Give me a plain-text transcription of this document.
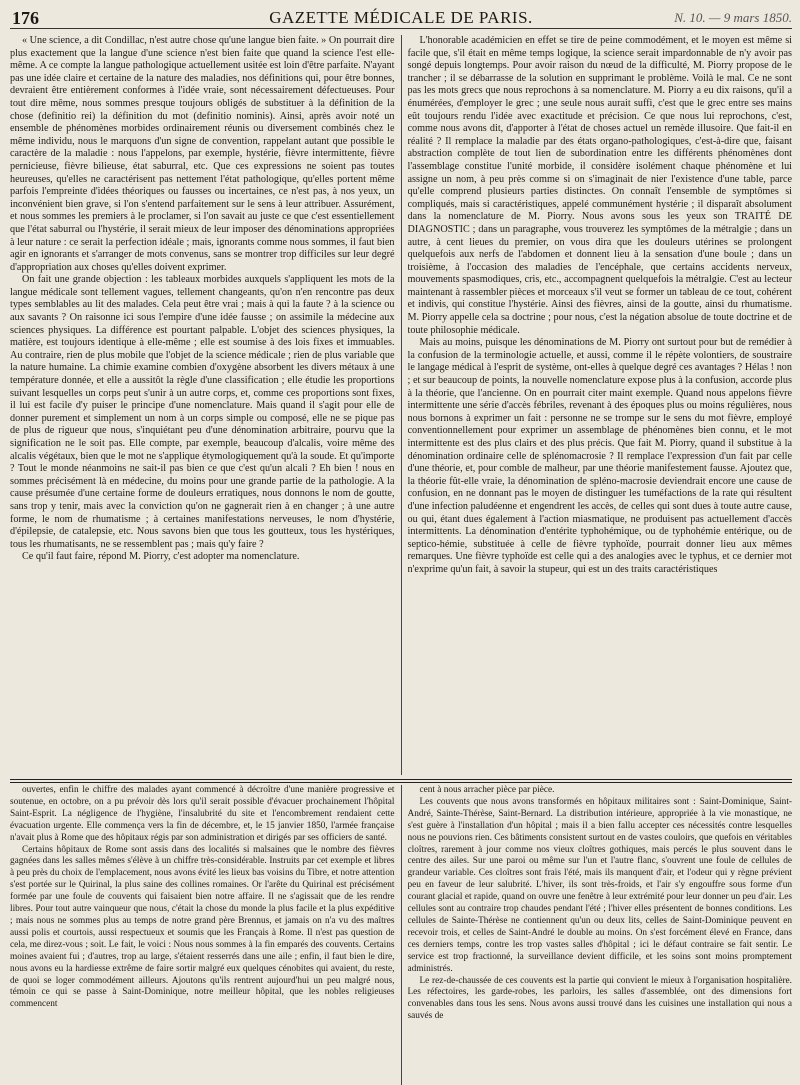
176	GAZETTE MÉDICALE DE PARIS.	N. 10. — 9 mars 1850.

« Une science, a dit Condillac, n'est autre chose qu'une langue bien faite. » On pourrait dire plus exactement que la langue d'une science n'est bien faite que quand la science l'est elle-même. A ce compte la langue pathologique actuellement usitée est loin d'être parfaite. N'ayant pas une idée claire et certaine de la nature des maladies, nos définitions qui, pour être bonnes, devraient être entièrement conformes à l'idée vraie, sont nécessairement défectueuses. Pour tout dire même, nous sommes presque toujours obligés de substituer à la définition de la chose (definitio rei) la définition du mot (definitio nominis). Ainsi, après avoir noté un ensemble de phénomènes morbides ordinairement réunis ou diversement combinés chez le même individu, nous le marquons d'un signe de convention, rappelant autant que possible le caractère de la maladie : nous l'appelons, par exemple, hystérie, fièvre intermittente, fièvre pernicieuse, fièvre bilieuse, état saburral, etc. Que ces expressions ne soient pas toutes heureuses, qu'elles ne caractérisent pas nettement l'état pathologique, qu'elles portent même parfois l'empreinte d'idées théoriques ou fausses ou incertaines, ce n'est pas, à nos yeux, un inconvénient bien grave, si l'on s'entend parfaitement sur le sens à leur attribuer. Assurément, et nous sommes les premiers à le proclamer, si l'on savait au juste ce que c'est essentiellement que l'état saburral ou l'hystérie, il serait mieux de leur imposer des dénominations appropriées à leur nature : ce serait la perfection idéale ; mais, ignorants comme nous sommes, il faut bien agir en ignorants et s'arranger de mots convenus, sans se montrer trop difficiles sur leur degré d'appropriation aux choses qu'elles doivent exprimer.

On fait une grande objection : les tableaux morbides auxquels s'appliquent les mots de la langue médicale sont tellement vagues, tellement changeants, qu'on n'en rencontre pas deux types semblables au lit des malades. Cela peut être vrai ; mais à qui la faute ? à la science ou aux savants ? On raisonne ici sous l'empire d'une idée fausse ; on assimile la médecine aux sciences physiques. La différence est pourtant palpable. L'objet des sciences physiques, la matière, est toujours identique à elle-même ; elle est soumise à des lois fixes et immuables. Au contraire, rien de plus mobile que l'objet de la science médicale ; rien de plus variable que la nature humaine. La chimie examine combien d'oxygène absorbent les divers métaux à une température donnée, et elle a aussitôt la règle d'une classification ; elle étudie les proportions suivant lesquelles un corps peut s'unir à un autre corps, et, comme ces proportions sont fixes, il lui est facile d'y puiser le principe d'une nomenclature. Mais quand il s'agit pour elle de donner purement et simplement un nom à un corps simple ou composé, elle ne se pique pas de plus de rigueur que nous, s'inquiétant peu d'une dénomination arbitraire, pourvu que la signification ne le soit pas. Elle compte, par exemple, beaucoup d'alcalis, voire même des alcalis végétaux, bien que le mot ne s'applique étymologiquement qu'à la soude. Et qu'importe ? Tout le monde néanmoins ne sait-il pas bien ce que c'est qu'un alcali ? Eh bien ! nous en sommes précisément là en médecine, du moins pour une grande partie de la pathologie. A la cause présumée d'une certaine forme de douleurs erratiques, nous donnons le nom de goutte, sans trop y tenir, mais avec la conviction qu'on ne gagnerait rien à en changer ; à une autre forme, le nom de rhumatisme ; à certaines manifestations nerveuses, le nom d'hystérie, d'épilepsie, de catalepsie, etc. Nous savons bien que tous les goutteux, tous les hystériques, tous les rhumatisants, ne se ressemblent pas ; mais qu'y faire ?

Ce qu'il faut faire, répond M. Piorry, c'est adopter ma nomenclature.

L'honorable académicien en effet se tire de peine commodément, et le moyen est même si facile que, s'il était en même temps logique, la science serait impardonnable de n'y avoir pas songé depuis longtemps. Pour avoir raison du nœud de la difficulté, M. Piorry propose de le trancher ; il se débarrasse de la solution en supprimant le problème. Voilà le mal. Ce ne sont pas les mots grecs que nous reprochons à sa nomenclature. M. Piorry a eu dix raisons, qu'il a énumérées, d'employer le grec ; une seule nous aurait suffi, c'est que le grec entre ses mains eût toujours rendu l'idée avec exactitude et précision. Ce que nous lui reprochons, c'est, comme nous avons dit, d'apporter à l'état de choses actuel un remède illusoire. Que fait-il en réalité ? Il remplace la maladie par des états organo-pathologiques, c'est-à-dire que, faisant abstraction complète de tout lien de subordination entre les différents phénomènes dont l'assemblage constitue l'unité morbide, il considère isolément chaque phénomène et lui assigne un nom, à peu près comme si on s'imaginait de nier l'existence d'une table, parce qu'elle comprend plusieurs parties distinctes. On connaît l'ensemble de symptômes si compliqués, mais si caractéristiques, appelé communément hystérie ; il disparaît absolument dans la nomenclature de M. Piorry. Nous avons sous les yeux son TRAITÉ DE DIAGNOSTIC ; dans un paragraphe, vous trouverez les symptômes de la métralgie ; dans un autre, à cent lieues du premier, on vous dira que les douleurs utérines se prolongent quelquefois aux nerfs de l'abdomen et donnent lieu à la sensation d'une boule ; dans un troisième, à l'occasion des maladies de l'encéphale, que certains accidents nerveux, mouvements spasmodiques, cris, etc., accompagnent quelquefois la métralgie. C'est au lecteur maintenant à rassembler pièces et morceaux s'il veut se former un tableau de ce tout, cohérent et indivis, qui constitue l'hystérie. Ainsi des fièvres, ainsi de la goutte, ainsi du rhumatisme. M. Piorry appelle cela sa doctrine ; pour nous, c'est la négation absolue de toute doctrine et de toute philosophie médicale.

Mais au moins, puisque les dénominations de M. Piorry ont surtout pour but de remédier à la confusion de la terminologie actuelle, et aussi, comme il le répète volontiers, de soustraire le langage médical à l'esprit de système, ont-elles à quelque degré ces avantages ? Hélas ! non ; et sur beaucoup de points, la nouvelle nomenclature expose plus à la confusion, accorde plus à la théorie, que l'ancienne. On en pourrait citer maint exemple. Quand nous appelons fièvre intermittente une série d'accès fébriles, revenant à des époques plus ou moins régulières, nous nous bornons à exprimer un fait : personne ne se trompe sur le sens du mot fièvre, employé conventionnellement pour exprimer un assemblage de phénomènes bien connu, et le mot intermittente est des plus clairs et des plus précis. Que fait M. Piorry, quand il substitue à la dénomination ordinaire celle de splénomacrosie ? Il remplace l'expression d'un fait par celle d'une théorie, et, pour comble de malheur, par une théorie manifestement fausse. Ajoutez que, la théorie fût-elle vraie, la dénomination de spléno-macrosie deviendrait encore une cause de confusion, en ne donnant pas le moyen de distinguer les tuméfactions de la rate qui résultent d'une infection paludéenne et engendrent les accès, de celles qui sont dues à toute autre cause, ou qui, étant dues également à l'action miasmatique, ne produisent pas actuellement d'accès intermittents. La dénomination d'entérite typhohémique, ou de typhohémie entérique, ou de septico-hémie, substituée à celle de fièvre typhoïde, pourrait donner lieu aux mêmes remarques. Une fièvre typhoïde est celle qui a des analogies avec le typhus, et ce dernier mot n'exprime qu'un fait, à savoir la stupeur, qui est un des traits caractéristiques

ouvertes, enfin le chiffre des malades ayant commencé à décroître d'une manière progressive et soutenue, en octobre, on a pu prévoir dès lors qu'il serait possible d'évacuer prochainement l'hôpital Saint-Esprit. La négligence de l'hygiène, l'insalubrité du site et l'encombrement rendaient cette évacuation urgente. Elle commença vers la fin de décembre, et, le 15 janvier 1850, l'armée française n'avait plus à Rome que des hôpitaux régis par son administration et dirigés par ses officiers de santé.

Certains hôpitaux de Rome sont assis dans des localités si malsaines que le nombre des fièvres gagnées dans les salles mêmes s'élève à un chiffre très-considérable. Instruits par cet exemple et libres à peu près du choix de l'emplacement, nous avons évité les lieux bas voisins du Tibre, et notre attention s'est portée sur le Quirinal, la plus saine des collines romaines. Or l'arête du Quirinal est précisément formée par une foule de couvents qui faisaient bien notre affaire. Il ne s'agissait que de les rendre libres. Pour tout autre vainqueur que nous, c'était la chose du monde la plus facile et la plus expéditive ; mais nous ne sommes plus au temps de notre grand père Brennus, et jamais on n'a vu des maîtres aussi polis et courtois, aussi respectueux et soumis que les Français à Rome. Il n'est pas question de cela, me direz-vous ; soit. Le fait, le voici : Nous nous sommes à la fin emparés des couvents. Certains moines avaient fui ; d'autres, trop au large, s'étaient resserrés dans une aile ; enfin, il faut bien le dire, nous avons eu la hardiesse extrême de faire sortir malgré eux quelques cénobites qui avaient, du reste, de quoi se loger commodément ailleurs. Ajoutons qu'ils rentrent aujourd'hui un peu malgré nous, témoin ce qui se passe à Saint-Dominique, notre meilleur hôpital, que les nobles religieuses commencent

cent à nous arracher pièce par pièce.

Les couvents que nous avons transformés en hôpitaux militaires sont : Saint-Dominique, Saint-André, Sainte-Thérèse, Saint-Bernard. La distribution intérieure, appropriée à la vie monastique, ne s'est guère à l'installation d'un hôpital ; mais il a bien fallu accepter ces nécessités contre lesquelles nous ne pouvions rien. Ces bâtiments consistent surtout en de vastes couloirs, que quefois en véritables cloîtres, rarement à jour comme nos vieux cloîtres gothiques, mais percés le plus souvent dans le centre des ailes. Sur une paroi ou même sur l'un et l'autre flanc, s'ouvrent une foule de cellules de grandeur variable. Ces cloîtres sont frais l'été, mais ils manquent d'air, et l'odeur qui y règne prévient peu en faveur de leur salubrité. L'hiver, ils sont très-froids, et l'air s'y engouffre sous forme d'un courant glacial et rapide, quand on ouvre une fenêtre à leur extrémité pour leur donner un peu d'air. Les cellules sont au contraire trop chaudes pendant l'été ; l'hiver elles présentent de bonnes conditions. Les cellules de Sainte-Thérèse ne contiennent qu'un ou deux lits, celles de Saint-Dominique peuvent en recevoir trois, et celles de Saint-André le double au moins. On s'est forcément élevé en France, dans ces derniers temps, contre les trop vastes salles d'hôpital ; ici le défaut contraire se fait sentir. Le service est trop fractionné, la surveillance devient difficile, et les soins sont moins promptement administrés.

Le rez-de-chaussée de ces couvents est la partie qui convient le mieux à l'organisation hospitalière. Les réfectoires, les garde-robes, les parloirs, les salles d'assemblée, ont des dimensions fort convenables dans tous les sens. Nous avons aussi trouvé dans les cuisines une installation qui nous a sauvés de
